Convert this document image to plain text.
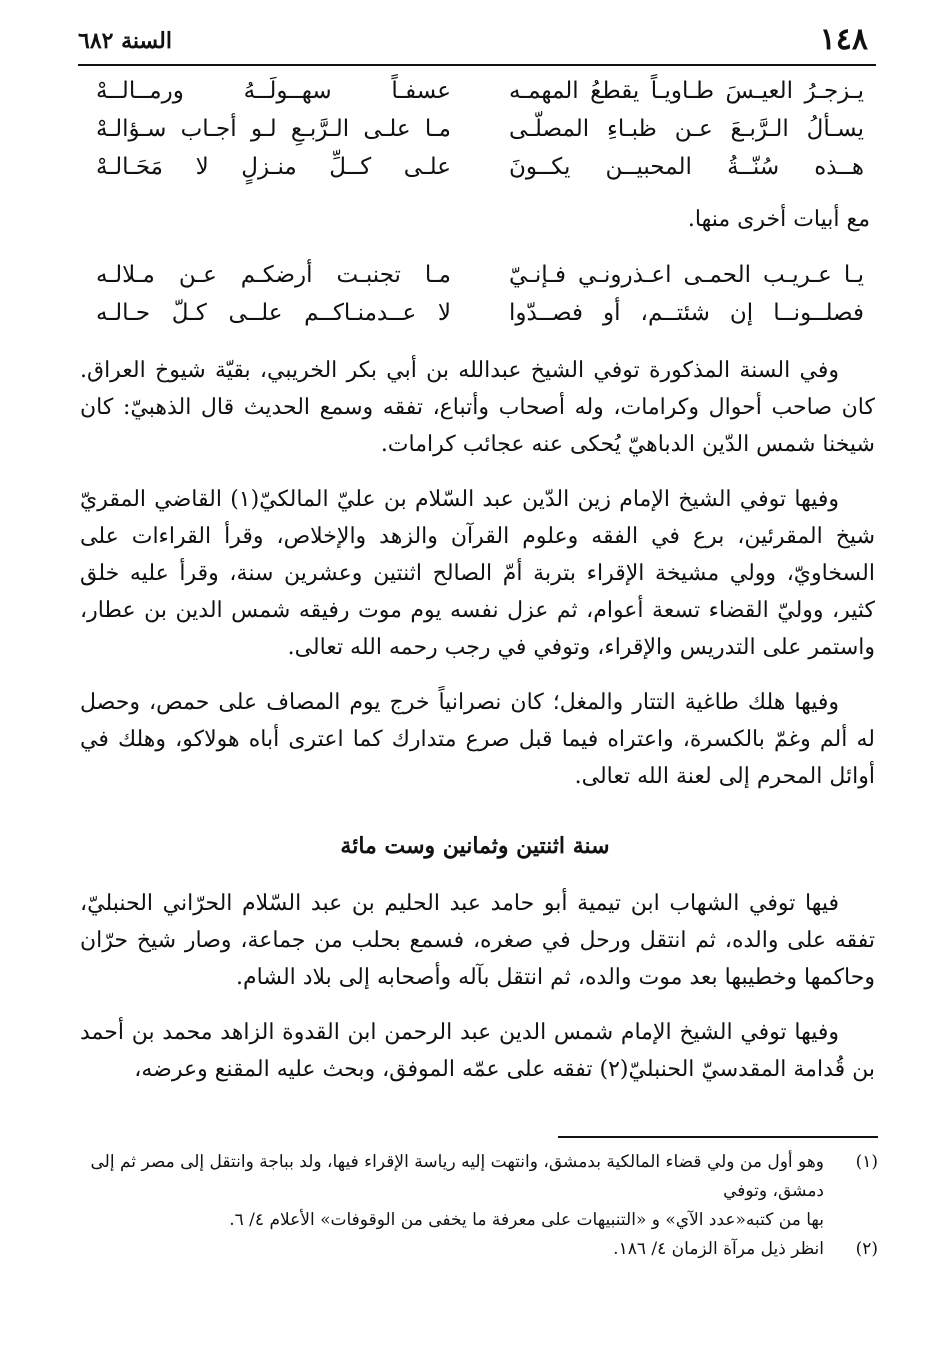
١٤٨
السنة ٦٨٢
يـزجـرُ العيـسَ طـاويـاً يقطعُ المهمـه
عسفـاً سهــولَــهُ ورمــالــهْ
يسـألُ الـرَّبـعَ عـن ظبـاءِ المصلّـى
مـا علـى الـرَّبـعِ لـو أجـاب سـؤالـهْ
هــذه سُنّــةُ المحبيــن يكــونَ
علـى كــلِّ منـزلٍ لا مَحَـالـهْ
مع أبيات أخرى منها.
يـا عـريـب الحمـى اعـذرونـي فـإنـيّ
مـا تجنبـت أرضكـم عـن مـلالـه
فصلــونــا إن شئتــم، أو فصــدّوا
لا عــدمنـاكــم علــى كـلّ حـالـه

وفي السنة المذكورة توفي الشيخ عبدالله بن أبي بكر الخريبي، بقيّة شيوخ العراق. كان صاحب أحوال وكرامات، وله أصحاب وأتباع، تفقه وسمع الحديث قال الذهبيّ: كان شيخنا شمس الدّين الدباهيّ يُحكى عنه عجائب كرامات.

وفيها توفي الشيخ الإمام زين الدّين عبد السّلام بن عليّ المالكيّ(١) القاضي المقريّ شيخ المقرئين، برع في الفقه وعلوم القرآن والزهد والإخلاص، وقرأ القراءات على السخاويّ، وولي مشيخة الإقراء بتربة أمّ الصالح اثنتين وعشرين سنة، وقرأ عليه خلق كثير، ووليّ القضاء تسعة أعوام، ثم عزل نفسه يوم موت رفيقه شمس الدين بن عطار، واستمر على التدريس والإقراء، وتوفي في رجب رحمه الله تعالى.

وفيها هلك طاغية التتار والمغل؛ كان نصرانياً خرج يوم المصاف على حمص، وحصل له ألم وغمّ بالكسرة، واعتراه فيما قبل صرع متدارك كما اعترى أباه هولاكو، وهلك في أوائل المحرم إلى لعنة الله تعالى.

سنة اثنتين وثمانين وست مائة

فيها توفي الشهاب ابن تيمية أبو حامد عبد الحليم بن عبد السّلام الحرّاني الحنبليّ، تفقه على والده، ثم انتقل ورحل في صغره، فسمع بحلب من جماعة، وصار شيخ حرّان وحاكمها وخطيبها بعد موت والده، ثم انتقل بآله وأصحابه إلى بلاد الشام.

وفيها توفي الشيخ الإمام شمس الدين عبد الرحمن ابن القدوة الزاهد محمد بن أحمد بن قُدامة المقدسيّ الحنبليّ(٢) تفقه على عمّه الموفق، وبحث عليه المقنع وعرضه،

(١)
وهو أول من ولي قضاء المالكية بدمشق، وانتهت إليه رياسة الإقراء فيها، ولد بباجة وانتقل إلى مصر ثم إلى دمشق، وتوفي
بها من كتبه«عدد الآي» و «التنبيهات على معرفة ما يخفى من الوقوفات» الأعلام ٤/ ٦.
(٢)
انظر ذيل مرآة الزمان ٤/ ١٨٦.
